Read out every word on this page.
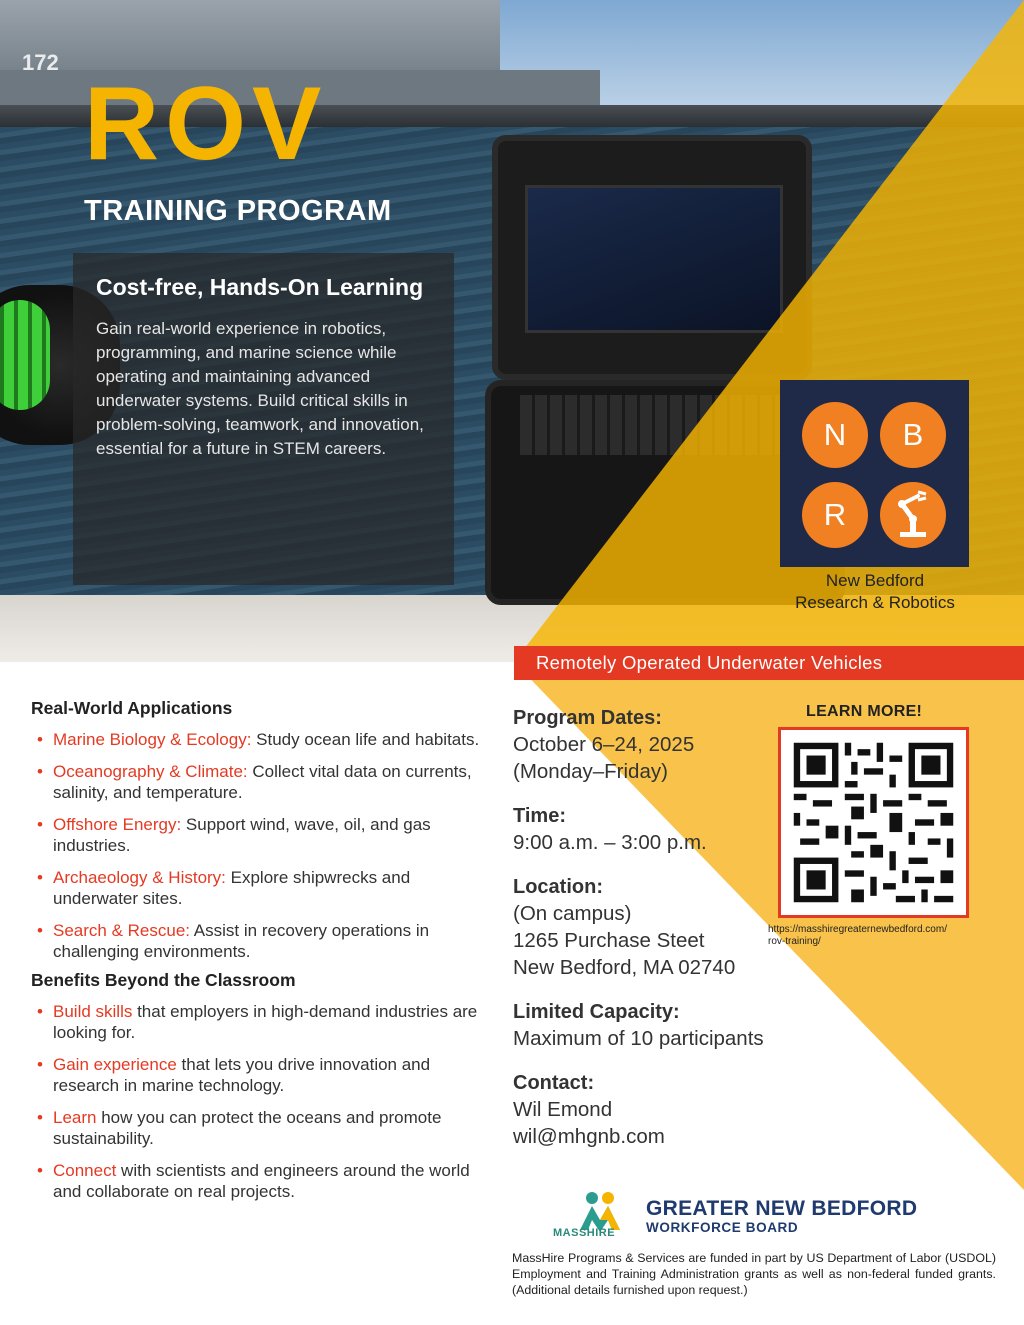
172
ROV
TRAINING PROGRAM
Cost-free, Hands-On Learning
Gain real-world experience in robotics, programming, and marine science while operating and maintaining advanced underwater systems. Build critical skills in problem-solving, teamwork, and innovation, essential for a future in STEM careers.	N	B
R
New Bedford
Research & Robotics
Remotely Operated Underwater Vehicles
Real-World Applications
• Marine Biology & Ecology: Study ocean life and habitats.
• Oceanography & Climate: Collect vital data on currents, salinity, and temperature.
• Offshore Energy: Support wind, wave, oil, and gas industries.
• Archaeology & History: Explore shipwrecks and underwater sites.
• Search & Rescue: Assist in recovery operations in challenging environments.
Benefits Beyond the Classroom
• Build skills that employers in high-demand industries are looking for.
• Gain experience that lets you drive innovation and research in marine technology.
• Learn how you can protect the oceans and promote sustainability.
• Connect with scientists and engineers around the world and collaborate on real projects.
Program Dates:
October 6–24, 2025
(Monday–Friday)
Time:
9:00 a.m. – 3:00 p.m.
Location:
(On campus)
1265 Purchase Steet
New Bedford, MA 02740
Limited Capacity:
Maximum of 10 participants
Contact:
Wil Emond
wil@mhgnb.com
LEARN MORE!
https://masshiregreaternewbedford.com/
rov-training/
MASSHIRE
GREATER NEW BEDFORD
WORKFORCE BOARD
MassHire Programs & Services are funded in part by US Department of Labor (USDOL) Employment and Training Administration grants as well as non-federal funded grants. (Additional details furnished upon request.)
